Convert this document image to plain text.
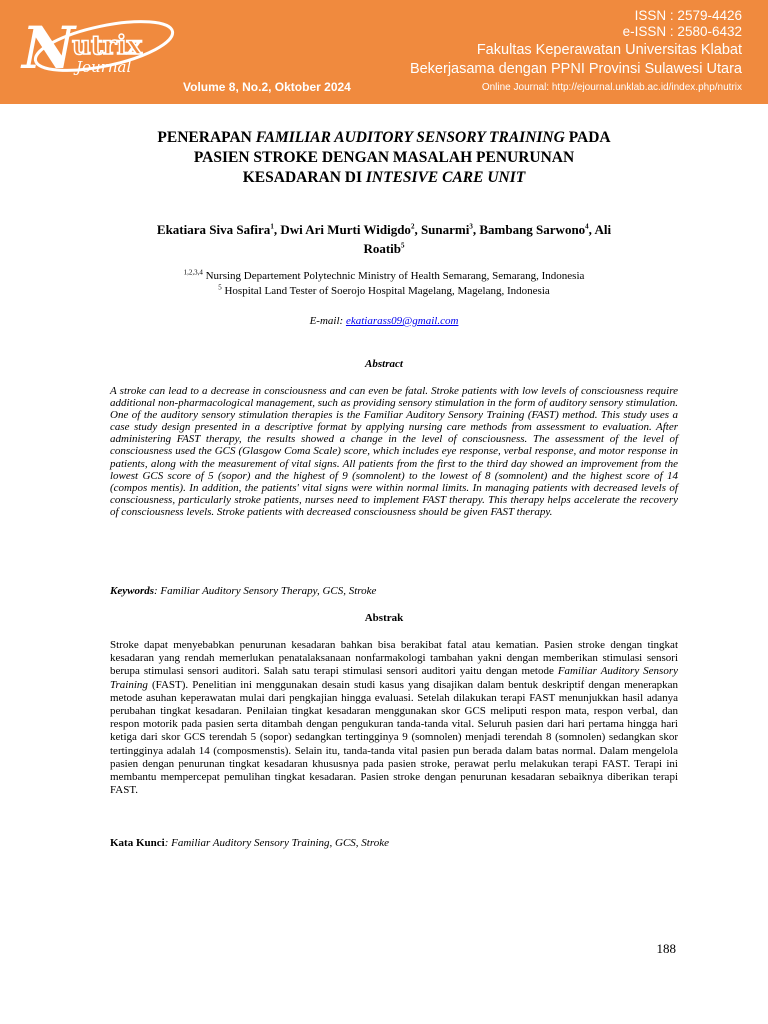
N
utrix
Journal
Volume 8, No.2, Oktober 2024
ISSN : 2579-4426
e-ISSN : 2580-6432
Fakultas Keperawatan Universitas Klabat
Bekerjasama dengan PPNI Provinsi Sulawesi Utara
Online Journal: http://ejournal.unklab.ac.id/index.php/nutrix
PENERAPAN FAMILIAR AUDITORY SENSORY TRAINING PADA
PASIEN STROKE DENGAN MASALAH PENURUNAN
KESADARAN DI INTESIVE CARE UNIT
Ekatiara Siva Safira$^1$, Dwi Ari Murti Widigdo$^2$, Sunarmi$^3$, Bambang Sarwono$^4$, Ali
Roatib$^5$
$^{1,2,3,4}$ Nursing Departement Polytechnic Ministry of Health Semarang, Semarang, Indonesia
$^5$ Hospital Land Tester of Soerojo Hospital Magelang, Magelang, Indonesia
E-mail: ekatiarass09@gmail.com
Abstract
A stroke can lead to a decrease in consciousness and can even be fatal. Stroke patients with low levels of consciousness require additional non-pharmacological management, such as providing sensory stimulation in the form of auditory sensory stimulation. One of the auditory sensory stimulation therapies is the Familiar Auditory Sensory Training (FAST) method. This study uses a case study design presented in a descriptive format by applying nursing care methods from assessment to evaluation. After administering FAST therapy, the results showed a change in the level of consciousness. The assessment of the level of consciousness used the GCS (Glasgow Coma Scale) score, which includes eye response, verbal response, and motor response in patients, along with the measurement of vital signs. All patients from the first to the third day showed an improvement from the lowest GCS score of 5 (sopor) and the highest of 9 (somnolent) to the lowest of 8 (somnolent) and the highest score of 14 (compos mentis). In addition, the patients' vital signs were within normal limits. In managing patients with decreased levels of consciousness, particularly stroke patients, nurses need to implement FAST therapy. This therapy helps accelerate the recovery of consciousness levels. Stroke patients with decreased consciousness should be given FAST therapy.
Keywords: Familiar Auditory Sensory Therapy, GCS, Stroke
Abstrak
Stroke dapat menyebabkan penurunan kesadaran bahkan bisa berakibat fatal atau kematian. Pasien stroke dengan tingkat kesadaran yang rendah memerlukan penatalaksanaan nonfarmakologi tambahan yakni dengan memberikan stimulasi sensori berupa stimulasi sensori auditori. Salah satu terapi stimulasi sensori auditori yaitu dengan metode Familiar Auditory Sensory Training (FAST). Penelitian ini menggunakan desain studi kasus yang disajikan dalam bentuk deskriptif dengan menerapkan metode asuhan keperawatan mulai dari pengkajian hingga evaluasi. Setelah dilakukan terapi FAST menunjukkan hasil adanya perubahan tingkat kesadaran. Penilaian tingkat kesadaran menggunakan skor GCS meliputi respon mata, respon verbal, dan respon motorik pada pasien serta ditambah dengan pengukuran tanda-tanda vital. Seluruh pasien dari hari pertama hingga hari ketiga dari skor GCS terendah 5 (sopor) sedangkan tertingginya 9 (somnolen) menjadi terendah 8 (somnolen) sedangkan skor tertingginya adalah 14 (composmenstis). Selain itu, tanda-tanda vital pasien pun berada dalam batas normal. Dalam mengelola pasien dengan penurunan tingkat kesadaran khususnya pada pasien stroke, perawat perlu melakukan terapi FAST. Terapi ini membantu mempercepat pemulihan tingkat kesadaran. Pasien stroke dengan penurunan kesadaran sebaiknya diberikan terapi FAST.
Kata Kunci: Familiar Auditory Sensory Training, GCS, Stroke
188
